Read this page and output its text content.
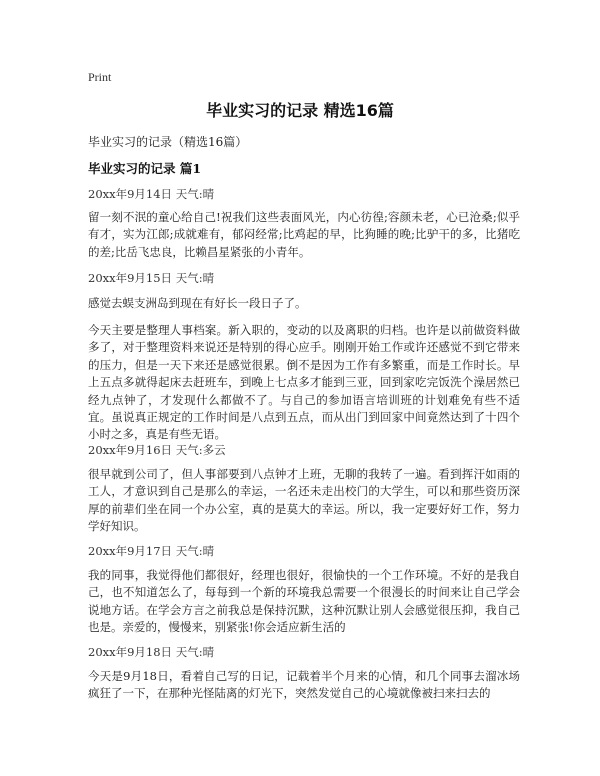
Print
毕业实习的记录 精选16篇
毕业实习的记录（精选16篇）
毕业实习的记录 篇1
20xx年9月14日 天气:晴
留一刻不泯的童心给自己!祝我们这些表面风光，内心彷徨;容颜未老，心已沧桑;似乎有才，实为江郎;成就难有，郁闷经常;比鸡起的早，比狗睡的晚;比驴干的多，比猪吃的差;比岳飞忠良，比赖昌星紧张的小青年。
20xx年9月15日 天气:晴
感觉去蜈支洲岛到现在有好长一段日子了。
今天主要是整理人事档案。新入职的，变动的以及离职的归档。也许是以前做资料做多了，对于整理资料来说还是特别的得心应手。刚刚开始工作或许还感觉不到它带来的压力，但是一天下来还是感觉很累。倒不是因为工作有多繁重，而是工作时长。早上五点多就得起床去赶班车，到晚上七点多才能到三亚，回到家吃完饭洗个澡居然已经九点钟了，才发现什么都做不了。与自己的参加语言培训班的计划难免有些不适宜。虽说真正规定的工作时间是八点到五点，而从出门到回家中间竟然达到了十四个小时之多，真是有些无语。
20xx年9月16日 天气:多云
很早就到公司了，但人事部要到八点钟才上班，无聊的我转了一遍。看到挥汗如雨的工人，才意识到自己是那么的幸运，一名还未走出校门的大学生，可以和那些资历深厚的前辈们坐在同一个办公室，真的是莫大的幸运。所以，我一定要好好工作，努力学好知识。
20xx年9月17日 天气:晴
我的同事，我觉得他们都很好，经理也很好，很愉快的一个工作环境。不好的是我自己，也不知道怎么了，每每到一个新的环境我总需要一个很漫长的时间来让自己学会说地方话。在学会方言之前我总是保持沉默，这种沉默让别人会感觉很压抑，我自己也是。亲爱的，慢慢来，别紧张!你会适应新生活的
20xx年9月18日 天气:晴
今天是9月18日，看着自己写的日记，记载着半个月来的心情，和几个同事去溜冰场疯狂了一下，在那种光怪陆离的灯光下，突然发觉自己的心境就像被扫来扫去的
